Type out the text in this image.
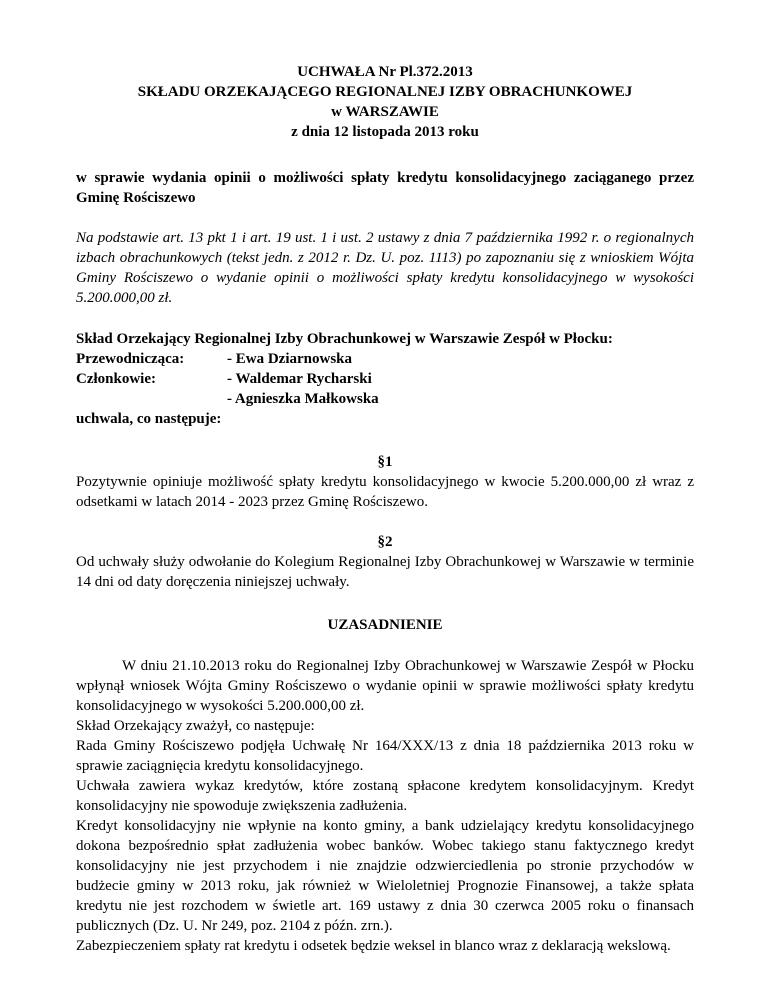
UCHWAŁA Nr Pl.372.2013
SKŁADU ORZEKAJĄCEGO REGIONALNEJ IZBY OBRACHUNKOWEJ
w WARSZAWIE
z dnia 12 listopada 2013 roku
w sprawie wydania opinii o możliwości spłaty kredytu konsolidacyjnego zaciąganego przez Gminę Rościszewo
Na podstawie art. 13 pkt 1 i art. 19 ust. 1 i ust. 2 ustawy z dnia 7 października 1992 r. o regionalnych izbach obrachunkowych (tekst jedn. z 2012 r. Dz. U. poz. 1113) po zapoznaniu się z wnioskiem Wójta Gminy Rościszewo o wydanie opinii o możliwości spłaty kredytu konsolidacyjnego w wysokości 5.200.000,00 zł.
Skład Orzekający Regionalnej Izby Obrachunkowej w Warszawie Zespół w Płocku:
Przewodnicząca:	- Ewa Dziarnowska
Członkowie:	- Waldemar Rycharski
- Agnieszka Małkowska
uchwala, co następuje:
§1
Pozytywnie opiniuje możliwość spłaty kredytu konsolidacyjnego w kwocie 5.200.000,00 zł wraz z odsetkami w latach 2014 - 2023 przez Gminę Rościszewo.
§2
Od uchwały służy odwołanie do Kolegium Regionalnej Izby Obrachunkowej w Warszawie w terminie 14 dni od daty doręczenia niniejszej uchwały.
UZASADNIENIE
W dniu 21.10.2013 roku do Regionalnej Izby Obrachunkowej w Warszawie Zespół w Płocku wpłynął wniosek Wójta Gminy Rościszewo o wydanie opinii w sprawie możliwości spłaty kredytu konsolidacyjnego w wysokości 5.200.000,00 zł.
Skład Orzekający zważył, co następuje:
Rada Gminy Rościszewo podjęła Uchwałę Nr 164/XXX/13 z dnia 18 października 2013 roku w sprawie zaciągnięcia kredytu konsolidacyjnego.
Uchwała zawiera wykaz kredytów, które zostaną spłacone kredytem konsolidacyjnym. Kredyt konsolidacyjny nie spowoduje zwiększenia zadłużenia.
Kredyt konsolidacyjny nie wpłynie na konto gminy, a bank udzielający kredytu konsolidacyjnego dokona bezpośrednio spłat zadłużenia wobec banków. Wobec takiego stanu faktycznego kredyt konsolidacyjny nie jest przychodem i nie znajdzie odzwierciedlenia po stronie przychodów w budżecie gminy w 2013 roku, jak również w Wieloletniej Prognozie Finansowej, a także spłata kredytu nie jest rozchodem w świetle art. 169 ustawy z dnia 30 czerwca 2005 roku o finansach publicznych (Dz. U. Nr 249, poz. 2104 z późn. zrn.).
Zabezpieczeniem spłaty rat kredytu i odsetek będzie weksel in blanco wraz z deklaracją wekslową.
